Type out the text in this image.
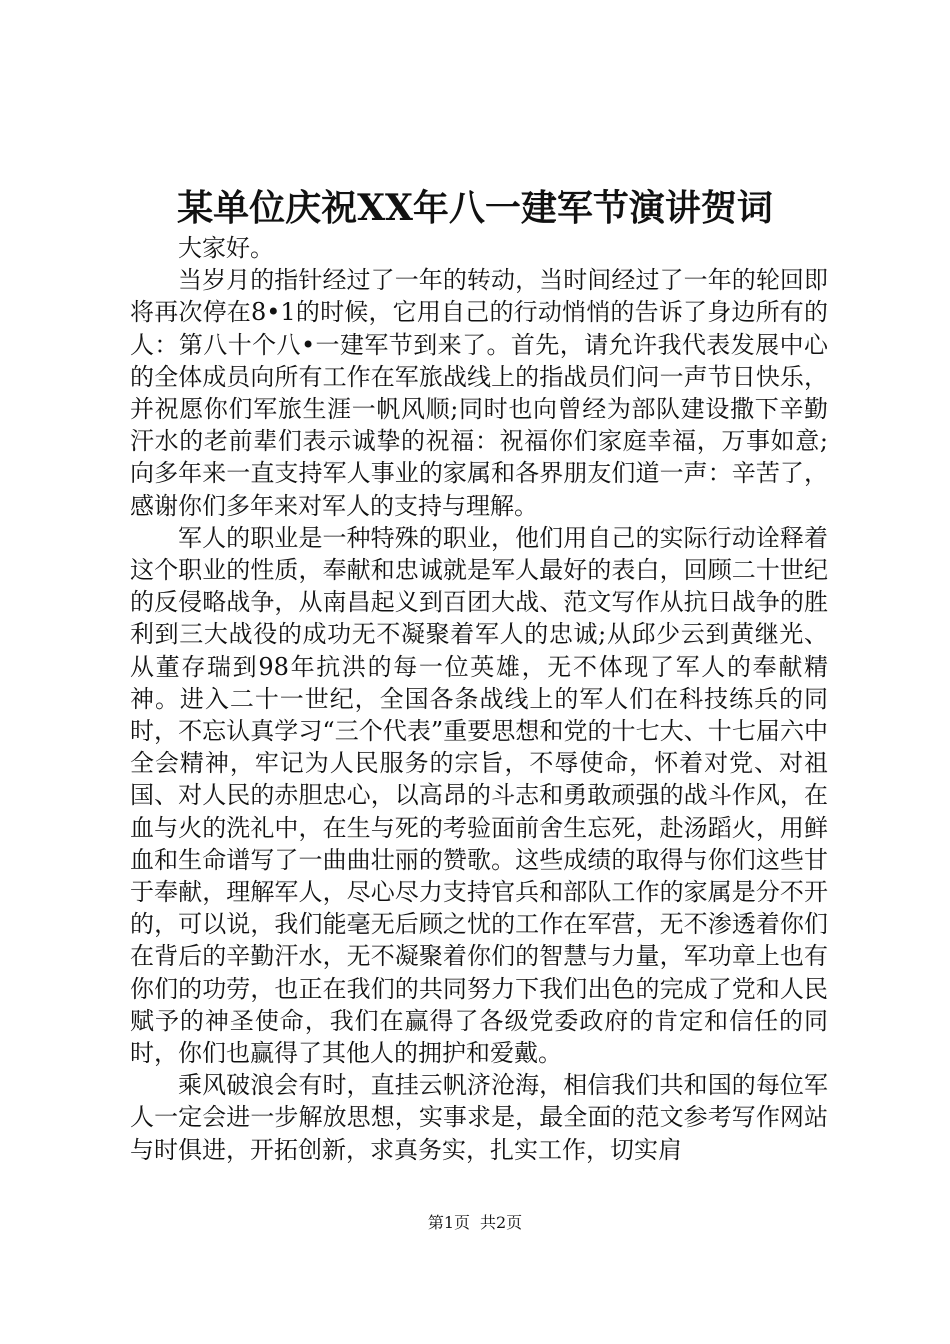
某单位庆祝XX年八一建军节演讲贺词

大家好。

当岁月的指针经过了一年的转动，当时间经过了一年的轮回即将再次停在8•1的时候，它用自己的行动悄悄的告诉了身边所有的人：第八十个八•一建军节到来了。首先，请允许我代表发展中心的全体成员向所有工作在军旅战线上的指战员们问一声节日快乐，并祝愿你们军旅生涯一帆风顺;同时也向曾经为部队建设撒下辛勤汗水的老前辈们表示诚挚的祝福：祝福你们家庭幸福，万事如意;向多年来一直支持军人事业的家属和各界朋友们道一声：辛苦了，感谢你们多年来对军人的支持与理解。

军人的职业是一种特殊的职业，他们用自己的实际行动诠释着这个职业的性质，奉献和忠诚就是军人最好的表白，回顾二十世纪的反侵略战争，从南昌起义到百团大战、范文写作从抗日战争的胜利到三大战役的成功无不凝聚着军人的忠诚;从邱少云到黄继光、从董存瑞到98年抗洪的每一位英雄，无不体现了军人的奉献精神。进入二十一世纪，全国各条战线上的军人们在科技练兵的同时，不忘认真学习“三个代表”重要思想和党的十七大、十七届六中全会精神，牢记为人民服务的宗旨，不辱使命，怀着对党、对祖国、对人民的赤胆忠心，以高昂的斗志和勇敢顽强的战斗作风，在血与火的洗礼中，在生与死的考验面前舍生忘死，赴汤蹈火，用鲜血和生命谱写了一曲曲壮丽的赞歌。这些成绩的取得与你们这些甘于奉献，理解军人，尽心尽力支持官兵和部队工作的家属是分不开的，可以说，我们能毫无后顾之忧的工作在军营，无不渗透着你们在背后的辛勤汗水，无不凝聚着你们的智慧与力量，军功章上也有你们的功劳，也正在我们的共同努力下我们出色的完成了党和人民赋予的神圣使命，我们在赢得了各级党委政府的肯定和信任的同时，你们也赢得了其他人的拥护和爱戴。

乘风破浪会有时，直挂云帆济沧海，相信我们共和国的每位军人一定会进一步解放思想，实事求是，最全面的范文参考写作网站与时俱进，开拓创新，求真务实，扎实工作，切实肩

第1页 共2页
